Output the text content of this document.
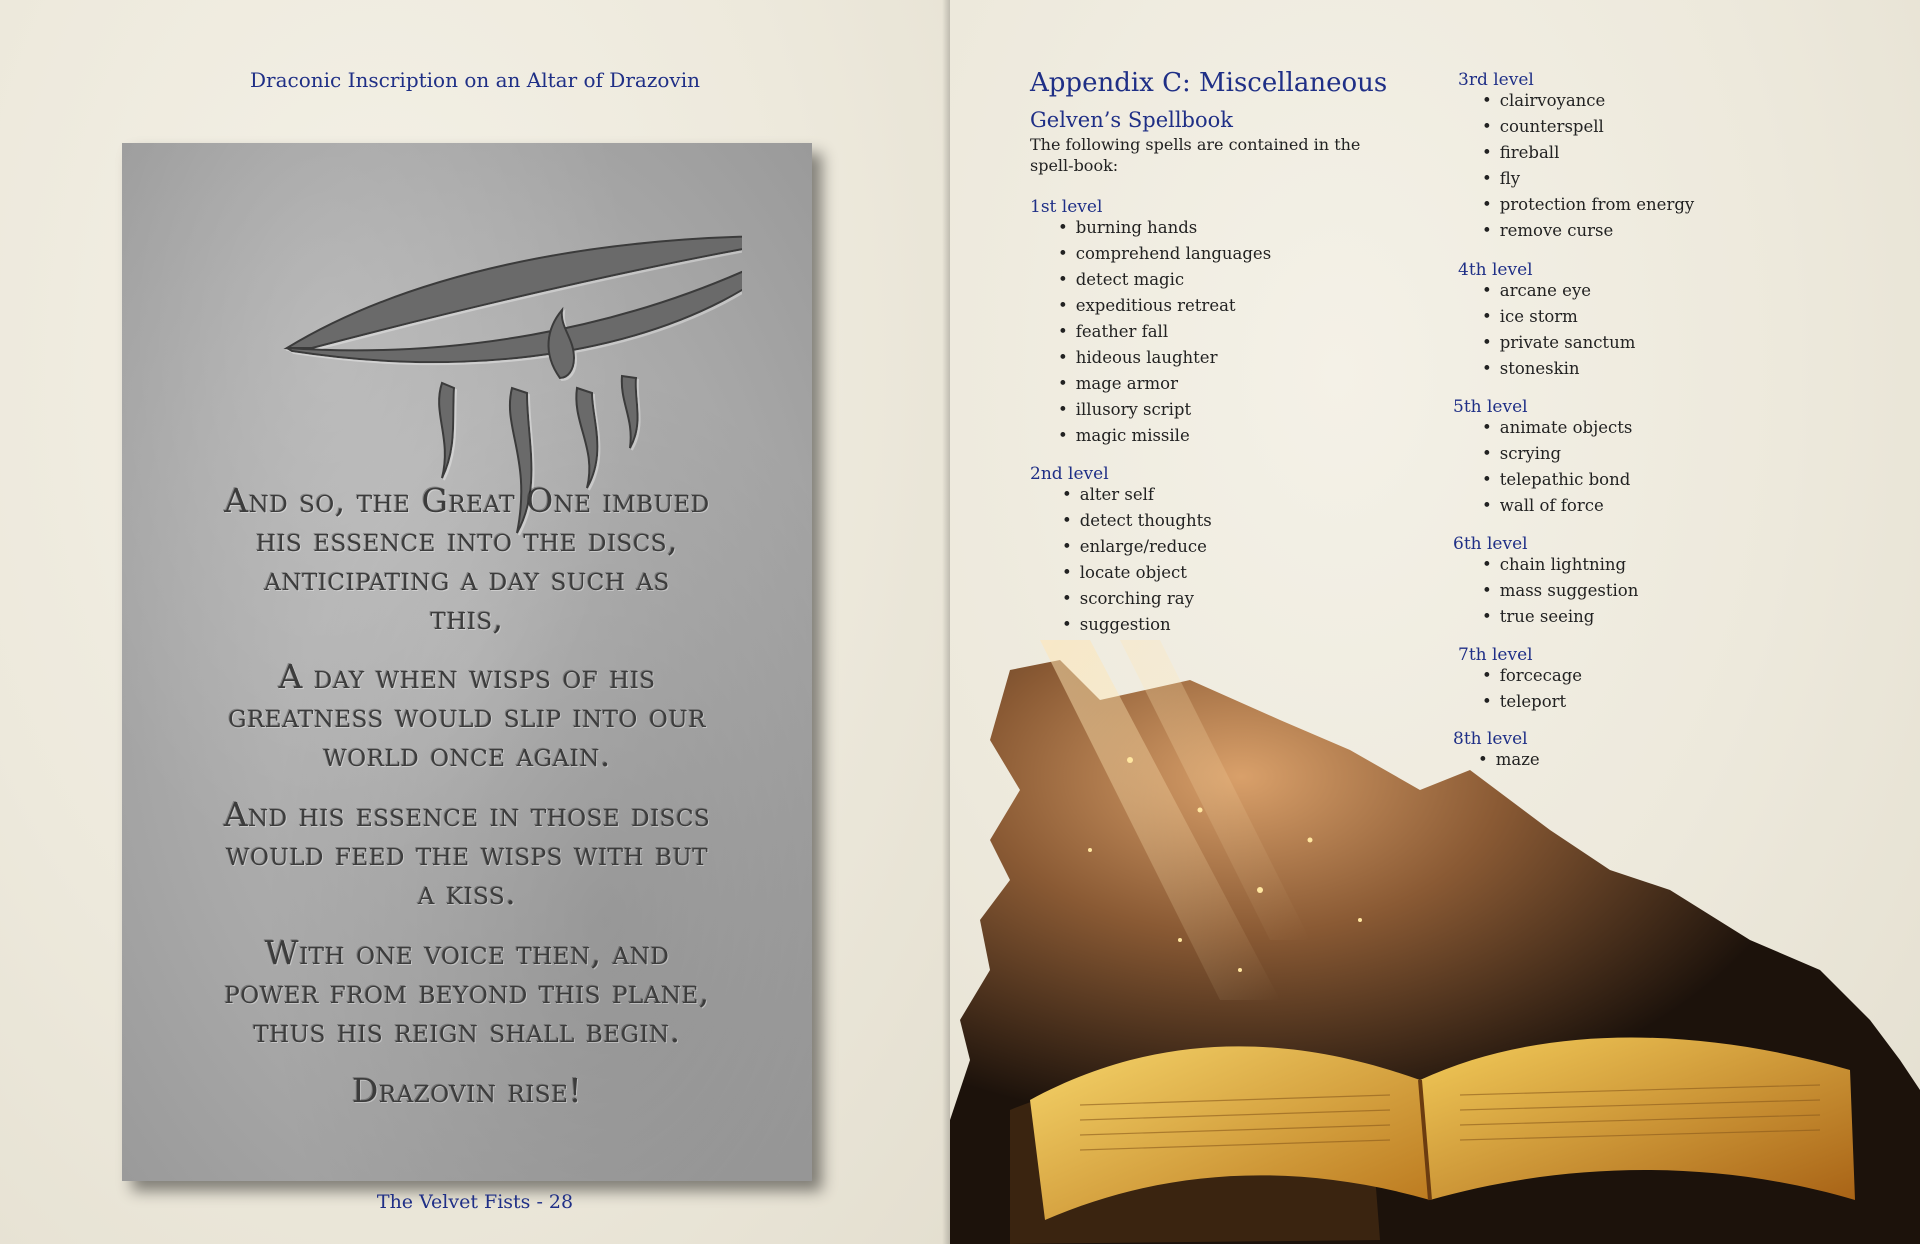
Draconic Inscription on an Altar of Drazovin
And so, the Great One imbued
his essence into the discs,
anticipating a day such as
this,
A day when wisps of his
greatness would slip into our
world once again.
And his essence in those discs
would feed the wisps with but
a kiss.
With one voice then, and
power from beyond this plane,
thus his reign shall begin.
Drazovin rise!
The Velvet Fists - 28
Appendix C: Miscellaneous
Gelven’s Spellbook
The following spells are contained in the spell-book:
1st level
• burning hands
• comprehend languages
• detect magic
• expeditious retreat
• feather fall
• hideous laughter
• mage armor
• illusory script
• magic missile
2nd level
• alter self
• detect thoughts
• enlarge/reduce
• locate object
• scorching ray
• suggestion
3rd level
• clairvoyance
• counterspell
• fireball
• fly
• protection from energy
• remove curse
4th level
• arcane eye
• ice storm
• private sanctum
• stoneskin
5th level
• animate objects
• scrying
• telepathic bond
• wall of force
6th level
• chain lightning
• mass suggestion
• true seeing
7th level
• forcecage
• teleport
8th level
• maze
